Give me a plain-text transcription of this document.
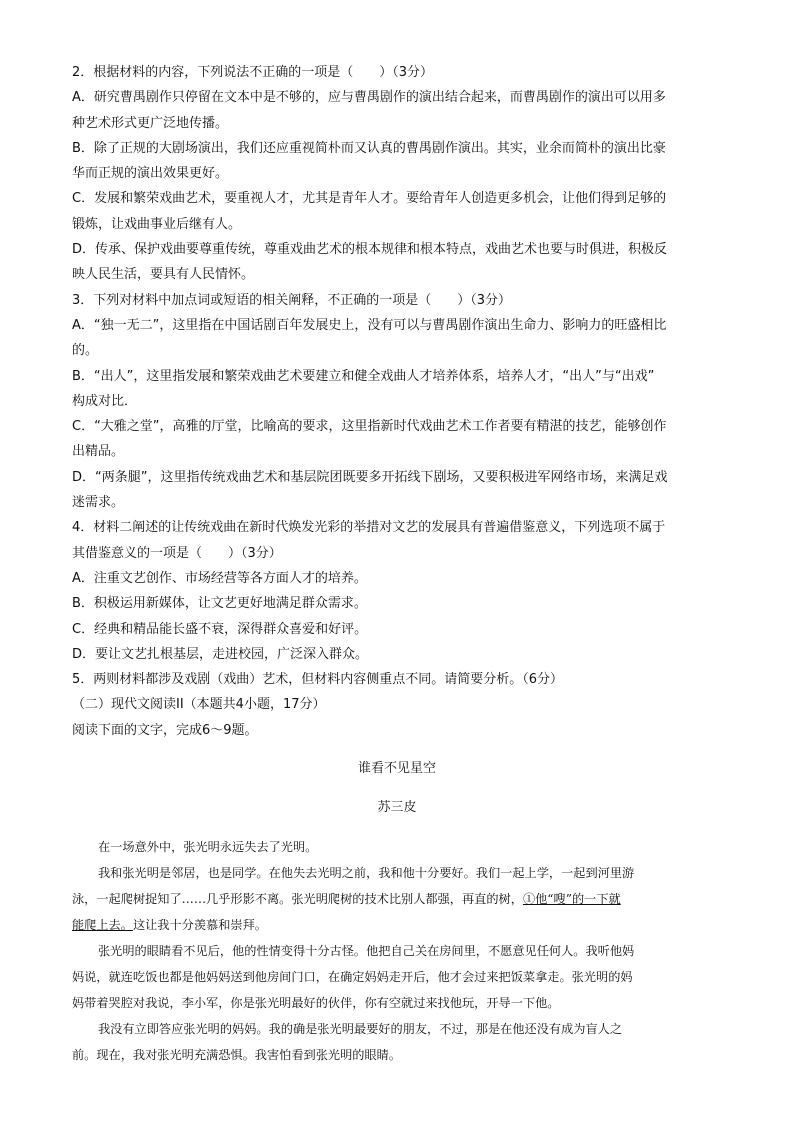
2．根据材料的内容，下列说法不正确的一项是（　　）（3分）

A．研究曹禺剧作只停留在文本中是不够的，应与曹禺剧作的演出结合起来，而曹禺剧作的演出可以用多

种艺术形式更广泛地传播。

B．除了正规的大剧场演出，我们还应重视简朴而又认真的曹禺剧作演出。其实，业余而简朴的演出比豪

华而正规的演出效果更好。

C．发展和繁荣戏曲艺术，要重视人才，尤其是青年人才。要给青年人创造更多机会，让他们得到足够的

锻炼，让戏曲事业后继有人。

D．传承、保护戏曲要尊重传统，尊重戏曲艺术的根本规律和根本特点，戏曲艺术也要与时俱进，积极反

映人民生活，要具有人民情怀。

3．下列对材料中加点词或短语的相关阐释，不正确的一项是（　　）（3分）

A．“独一无二”，这里指在中国话剧百年发展史上，没有可以与曹禺剧作演出生命力、影响力的旺盛相比

的。

B．“出人”，这里指发展和繁荣戏曲艺术要建立和健全戏曲人才培养体系，培养人才，“出人”与“出戏”

构成对比．

C．“大雅之堂”，高雅的厅堂，比喻高的要求，这里指新时代戏曲艺术工作者要有精湛的技艺，能够创作

出精品。

D．“两条腿”，这里指传统戏曲艺术和基层院团既要多开拓线下剧场，又要积极进军网络市场，来满足戏

迷需求。

4．材料二阐述的让传统戏曲在新时代焕发光彩的举措对文艺的发展具有普遍借鉴意义，下列选项不属于

其借鉴意义的一项是（　　）（3分）

A．注重文艺创作、市场经营等各方面人才的培养。

B．积极运用新媒体，让文艺更好地满足群众需求。

C．经典和精品能长盛不衰，深得群众喜爱和好评。

D．要让文艺扎根基层，走进校园，广泛深入群众。

5．两则材料都涉及戏剧（戏曲）艺术，但材料内容侧重点不同。请简要分析。（6分）

（二）现代文阅读II（本题共4小题，17分）

阅读下面的文字，完成6～9题。

谁看不见星空

苏三皮

在一场意外中，张光明永远失去了光明。

我和张光明是邻居，也是同学。在他失去光明之前，我和他十分要好。我们一起上学，一起到河里游

泳，一起爬树捉知了……几乎形影不离。张光明爬树的技术比别人都强，再直的树，①他“嗖”的一下就

能爬上去。这让我十分羡慕和崇拜。

张光明的眼睛看不见后，他的性情变得十分古怪。他把自己关在房间里，不愿意见任何人。我听他妈

妈说，就连吃饭也都是他妈妈送到他房间门口，在确定妈妈走开后，他才会过来把饭菜拿走。张光明的妈

妈带着哭腔对我说，李小军，你是张光明最好的伙伴，你有空就过来找他玩，开导一下他。

我没有立即答应张光明的妈妈。我的确是张光明最要好的朋友，不过，那是在他还没有成为盲人之

前。现在，我对张光明充满恐惧。我害怕看到张光明的眼睛。
